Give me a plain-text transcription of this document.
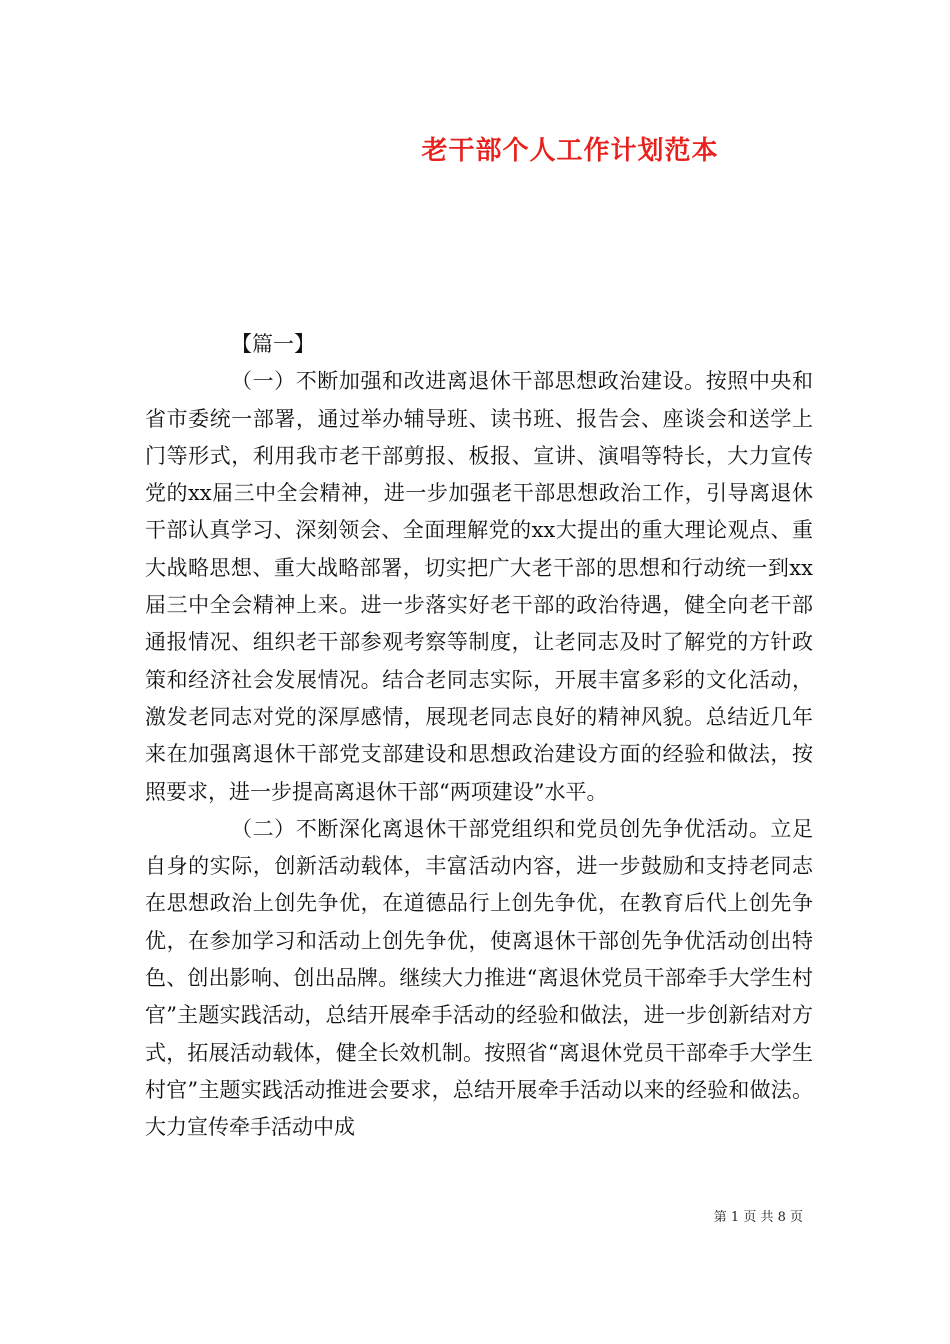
老干部个人工作计划范本

【篇一】

（一）不断加强和改进离退休干部思想政治建设。按照中央和省市委统一部署，通过举办辅导班、读书班、报告会、座谈会和送学上门等形式，利用我市老干部剪报、板报、宣讲、演唱等特长，大力宣传党的xx届三中全会精神，进一步加强老干部思想政治工作，引导离退休干部认真学习、深刻领会、全面理解党的xx大提出的重大理论观点、重大战略思想、重大战略部署，切实把广大老干部的思想和行动统一到xx届三中全会精神上来。进一步落实好老干部的政治待遇，健全向老干部通报情况、组织老干部参观考察等制度，让老同志及时了解党的方针政策和经济社会发展情况。结合老同志实际，开展丰富多彩的文化活动，激发老同志对党的深厚感情，展现老同志良好的精神风貌。总结近几年来在加强离退休干部党支部建设和思想政治建设方面的经验和做法，按照要求，进一步提高离退休干部“两项建设”水平。

（二）不断深化离退休干部党组织和党员创先争优活动。立足自身的实际，创新活动载体，丰富活动内容，进一步鼓励和支持老同志在思想政治上创先争优，在道德品行上创先争优，在教育后代上创先争优，在参加学习和活动上创先争优，使离退休干部创先争优活动创出特色、创出影响、创出品牌。继续大力推进“离退休党员干部牵手大学生村官”主题实践活动，总结开展牵手活动的经验和做法，进一步创新结对方式，拓展活动载体，健全长效机制。按照省“离退休党员干部牵手大学生村官”主题实践活动推进会要求，总结开展牵手活动以来的经验和做法。大力宣传牵手活动中成

第 1 页 共 8 页
